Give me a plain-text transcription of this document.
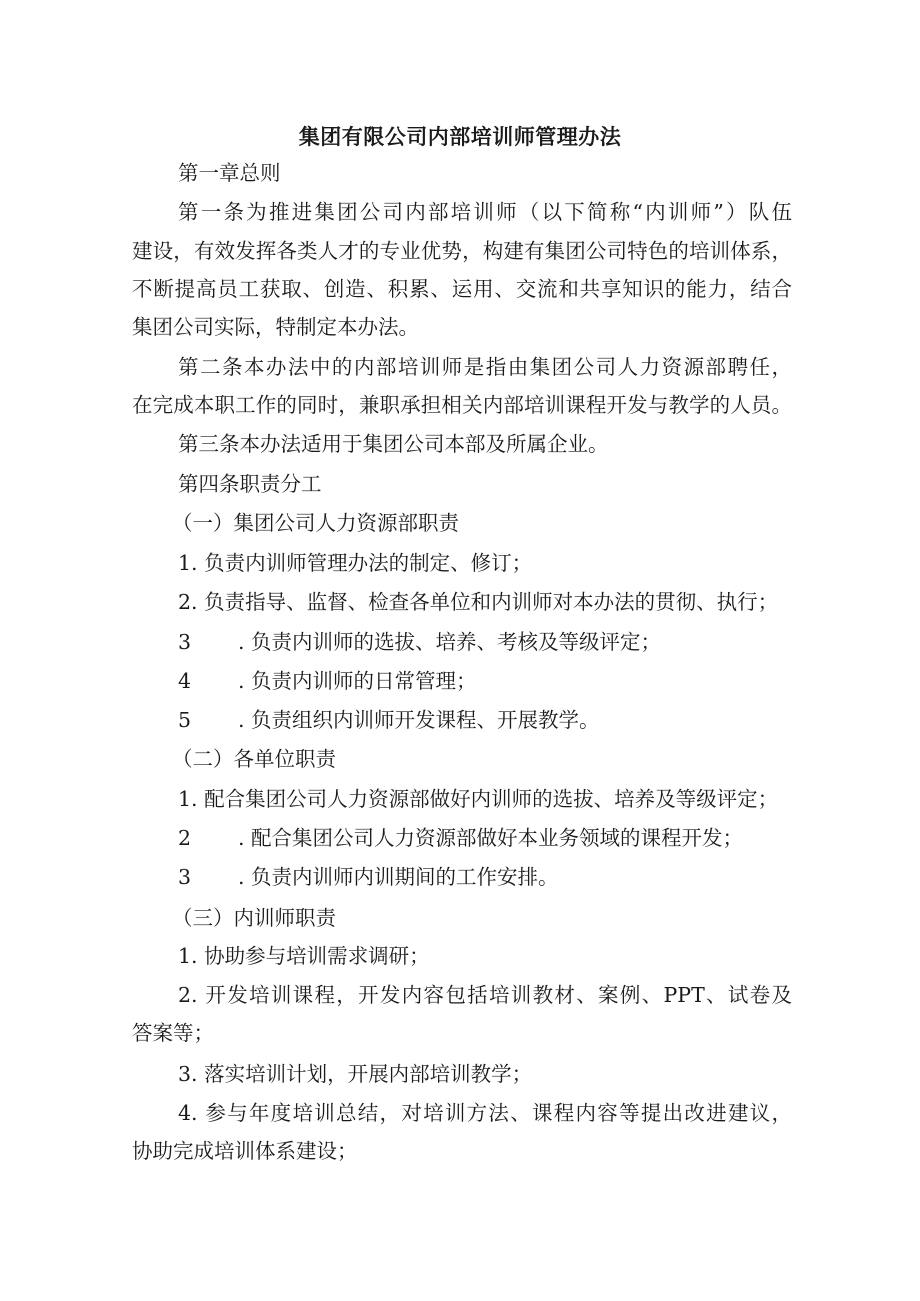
集团有限公司内部培训师管理办法
第一章总则
第一条为推进集团公司内部培训师（以下简称“内训师”）队伍
建设，有效发挥各类人才的专业优势，构建有集团公司特色的培训体系，
不断提高员工获取、创造、积累、运用、交流和共享知识的能力，结合
集团公司实际，特制定本办法。
第二条本办法中的内部培训师是指由集团公司人力资源部聘任，
在完成本职工作的同时，兼职承担相关内部培训课程开发与教学的人员。
第三条本办法适用于集团公司本部及所属企业。
第四条职责分工
（一）集团公司人力资源部职责
1. 负责内训师管理办法的制定、修订；
2. 负责指导、监督、检查各单位和内训师对本办法的贯彻、执行；
3 . 负责内训师的选拔、培养、考核及等级评定；
4 . 负责内训师的日常管理；
5 . 负责组织内训师开发课程、开展教学。
（二）各单位职责
1. 配合集团公司人力资源部做好内训师的选拔、培养及等级评定；
2 . 配合集团公司人力资源部做好本业务领域的课程开发；
3 . 负责内训师内训期间的工作安排。
（三）内训师职责
1. 协助参与培训需求调研；
2. 开发培训课程，开发内容包括培训教材、案例、PPT、试卷及
答案等；
3. 落实培训计划，开展内部培训教学；
4. 参与年度培训总结，对培训方法、课程内容等提出改进建议，
协助完成培训体系建设；
